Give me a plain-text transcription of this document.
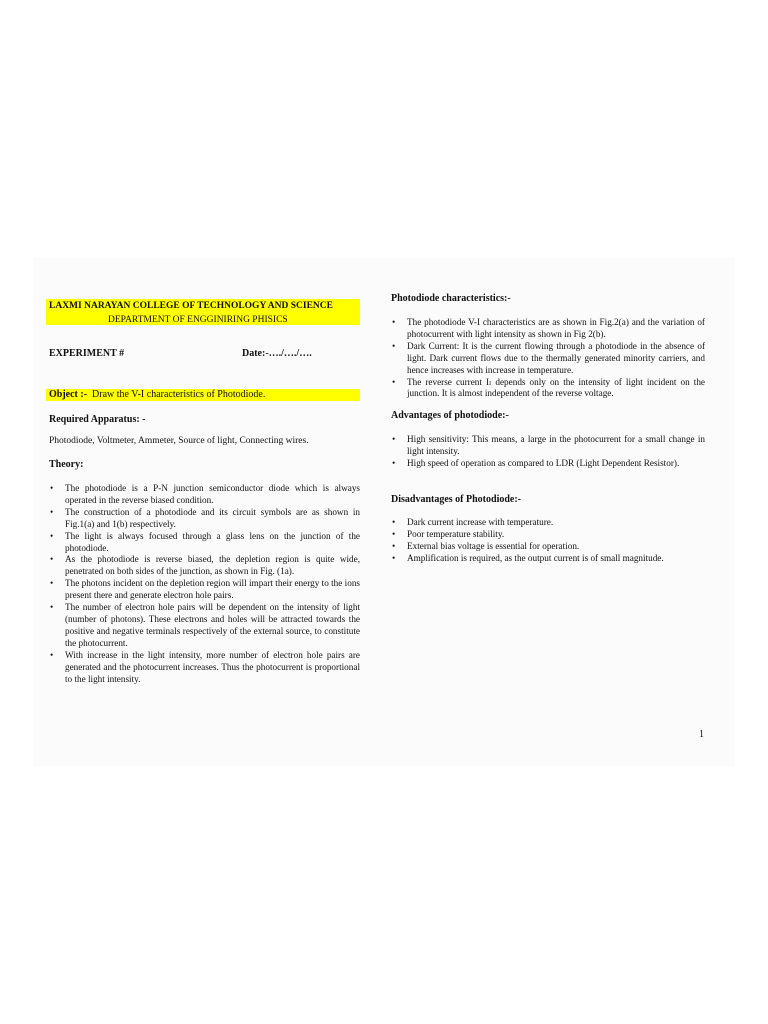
LAXMI NARAYAN COLLEGE OF TECHNOLOGY AND SCIENCE
DEPARTMENT OF ENGGINIRING PHISICS
EXPERIMENT #	Date:-…./…./….
Object :- Draw the V-I characteristics of Photodiode.
Required Apparatus: -
Photodiode, Voltmeter, Ammeter, Source of light, Connecting wires.
Theory:
• The photodiode is a P-N junction semiconductor diode which is always operated in the reverse biased condition.
• The construction of a photodiode and its circuit symbols are as shown in Fig.1(a) and 1(b) respectively.
• The light is always focused through a glass lens on the junction of the photodiode.
• As the photodiode is reverse biased, the depletion region is quite wide, penetrated on both sides of the junction, as shown in Fig. (1a).
• The photons incident on the depletion region will impart their energy to the ions present there and generate electron hole pairs.
• The number of electron hole pairs will be dependent on the intensity of light (number of photons). These electrons and holes will be attracted towards the positive and negative terminals respectively of the external source, to constitute the photocurrent.
• With increase in the light intensity, more number of electron hole pairs are generated and the photocurrent increases. Thus the photocurrent is proportional to the light intensity.
Photodiode characteristics:-
• The photodiode V-I characteristics are as shown in Fig.2(a) and the variation of photocurrent with light intensity as shown in Fig 2(b).
• Dark Current: It is the current flowing through a photodiode in the absence of light. Dark current flows due to the thermally generated minority carriers, and hence increases with increase in temperature.
• The reverse current Iₗ depends only on the intensity of light incident on the junction. It is almost independent of the reverse voltage.
Advantages of photodiode:-
• High sensitivity: This means, a large in the photocurrent for a small change in light intensity.
• High speed of operation as compared to LDR (Light Dependent Resistor).
Disadvantages of Photodiode:-
• Dark current increase with temperature.
• Poor temperature stability.
• External bias voltage is essential for operation.
• Amplification is required, as the output current is of small magnitude.
1
